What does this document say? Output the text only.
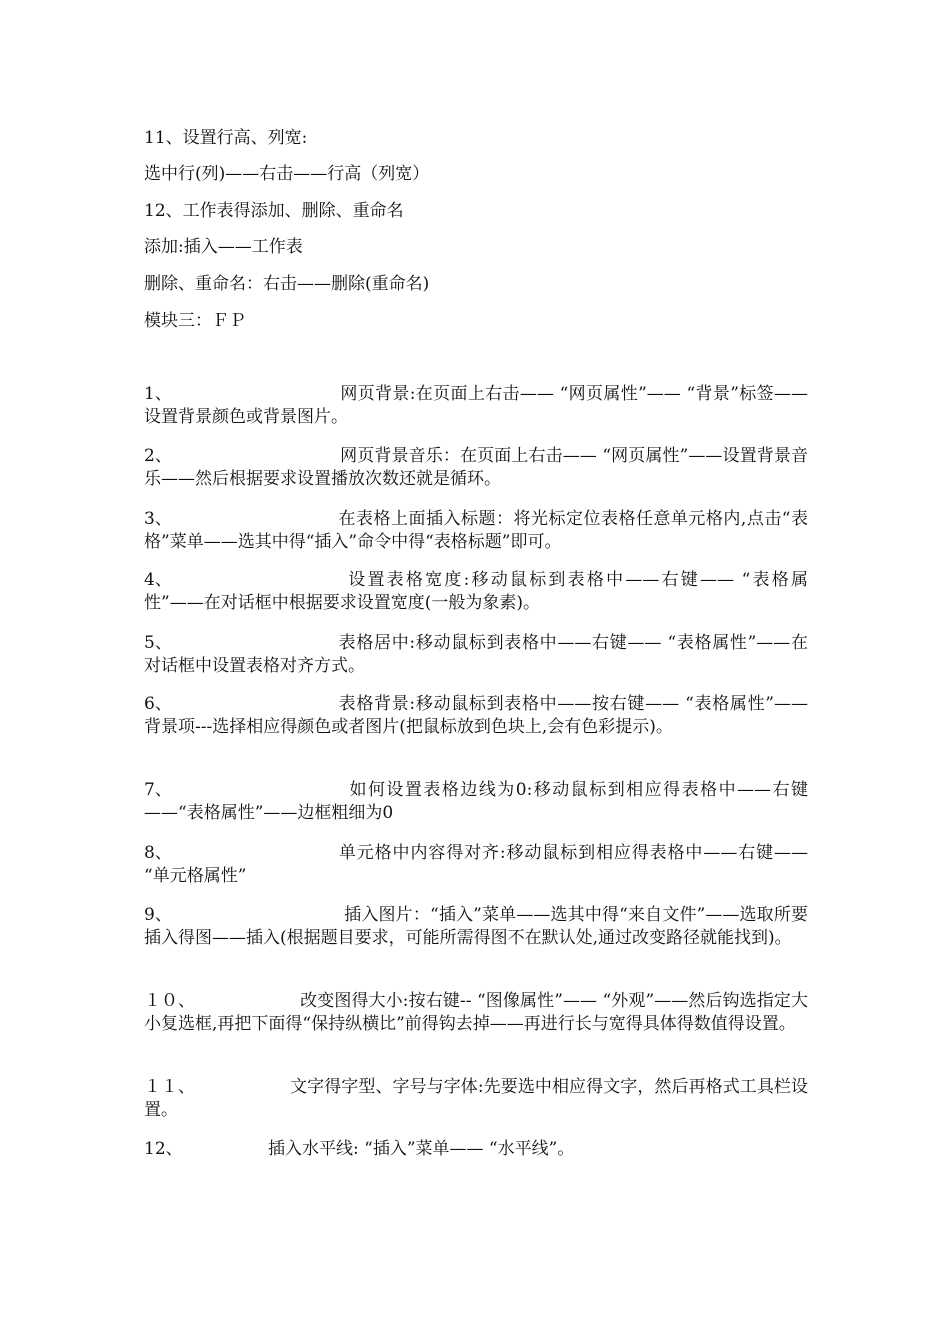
11、设置行高、列宽:
选中行(列)——右击——行高（列宽）
12、工作表得添加、删除、重命名
添加:插入——工作表
删除、重命名：右击——删除(重命名)
模块三：ＦＰ
1、	网页背景:在页面上右击—— “网页属性”—— “背景”标签——设置背景颜色或背景图片。
2、	网页背景音乐：在页面上右击—— “网页属性”——设置背景音乐——然后根据要求设置播放次数还就是循环。
3、	在表格上面插入标题：将光标定位表格任意单元格内,点击“表格”菜单——选其中得“插入”命令中得“表格标题”即可。
4、	设置表格宽度:移动鼠标到表格中——右键—— “表格属性”——在对话框中根据要求设置宽度(一般为象素)。
5、	表格居中:移动鼠标到表格中——右键—— “表格属性”——在对话框中设置表格对齐方式。
6、	表格背景:移动鼠标到表格中——按右键—— “表格属性”——背景项---选择相应得颜色或者图片(把鼠标放到色块上,会有色彩提示)。
7、	如何设置表格边线为0:移动鼠标到相应得表格中——右键——“表格属性”——边框粗细为0
8、	单元格中内容得对齐:移动鼠标到相应得表格中——右键—— “单元格属性”
9、	插入图片：“插入”菜单——选其中得“来自文件”——选取所要插入得图——插入(根据题目要求，可能所需得图不在默认处,通过改变路径就能找到)。
１０、	改变图得大小:按右键-- “图像属性”—— “外观”——然后钩选指定大小复选框,再把下面得“保持纵横比”前得钩去掉——再进行长与宽得具体得数值得设置。
１１、	文字得字型、字号与字体:先要选中相应得文字，然后再格式工具栏设置。
12、	插入水平线: “插入”菜单—— “水平线”。
